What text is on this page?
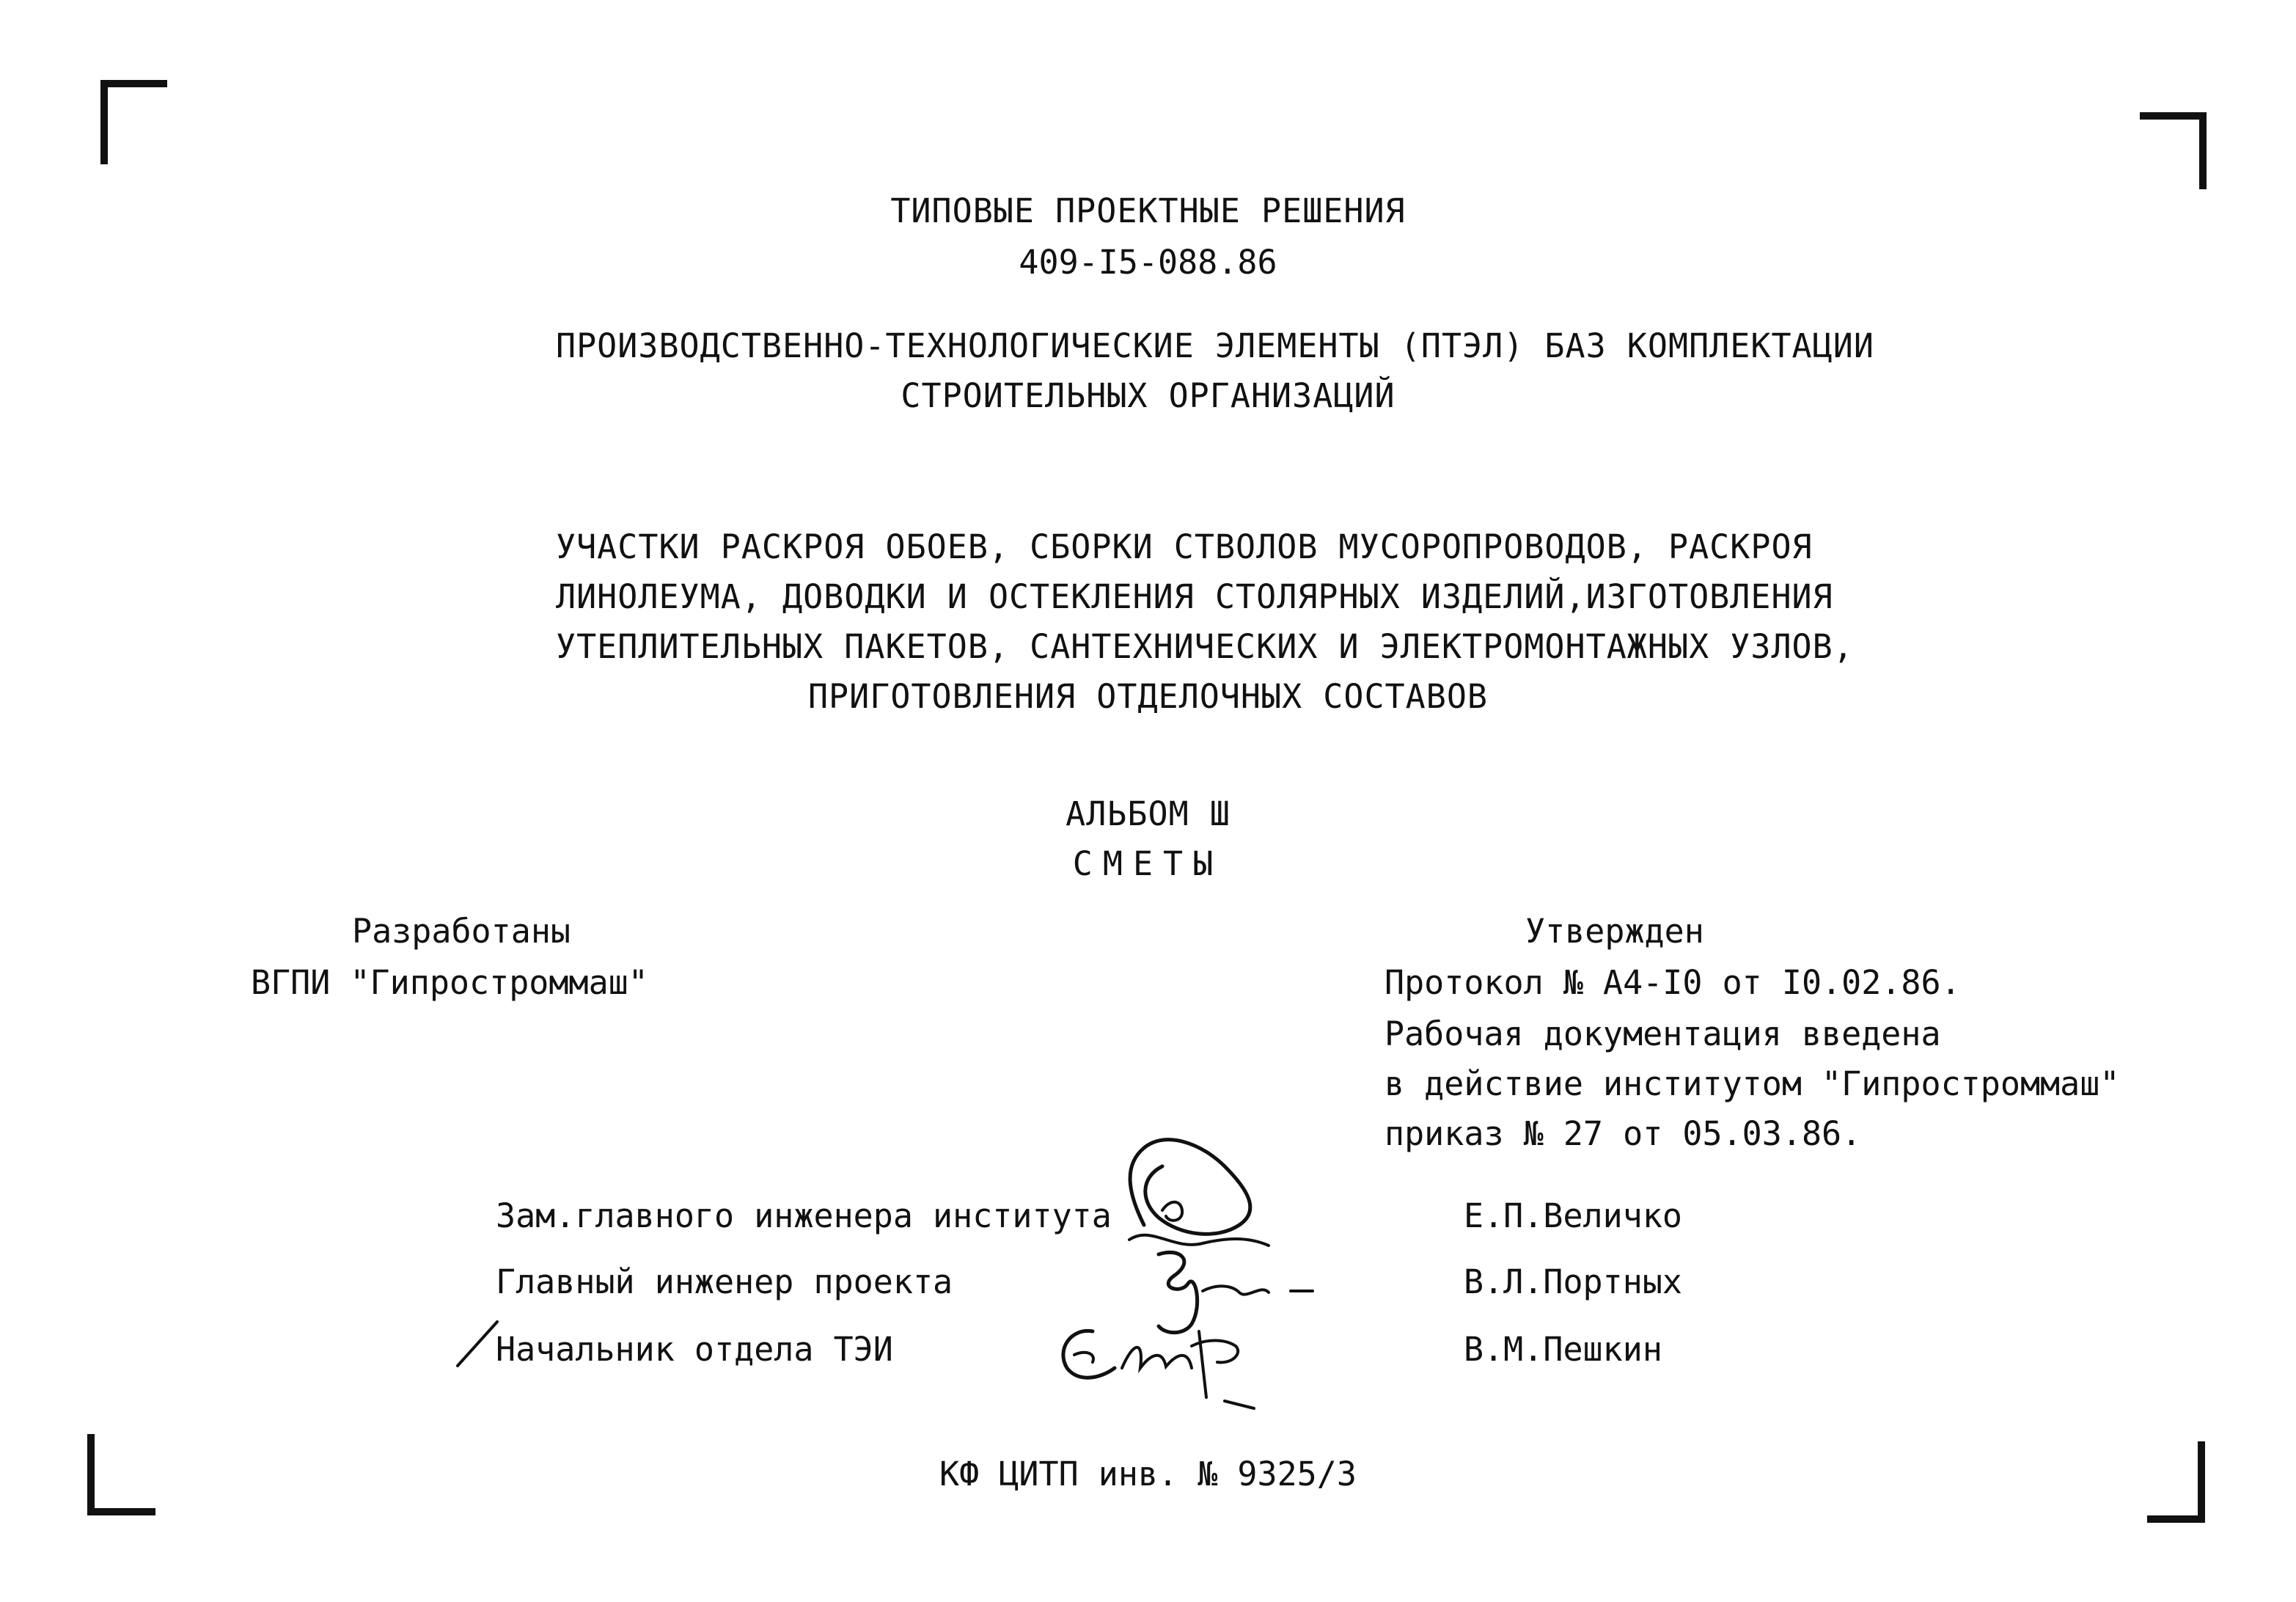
ТИПОВЫЕ ПРОЕКТНЫЕ РЕШЕНИЯ
409-I5-088.86
ПРОИЗВОДСТВЕННО-ТЕХНОЛОГИЧЕСКИЕ ЭЛЕМЕНТЫ (ПТЭЛ) БАЗ КОМПЛЕКТАЦИИ
СТРОИТЕЛЬНЫХ ОРГАНИЗАЦИЙ
УЧАСТКИ РАСКРОЯ ОБОЕВ, СБОРКИ СТВОЛОВ МУСОРОПРОВОДОВ, РАСКРОЯ
ЛИНОЛЕУМА, ДОВОДКИ И ОСТЕКЛЕНИЯ СТОЛЯРНЫХ ИЗДЕЛИЙ,ИЗГОТОВЛЕНИЯ
УТЕПЛИТЕЛЬНЫХ ПАКЕТОВ, САНТЕХНИЧЕСКИХ И ЭЛЕКТРОМОНТАЖНЫХ УЗЛОВ,
ПРИГОТОВЛЕНИЯ ОТДЕЛОЧНЫХ СОСТАВОВ
АЛЬБОМ Ш
СМЕТЫ
Разработаны
ВГПИ "Гипростроммаш"
Утвержден
Протокол № А4-I0 от I0.02.86.
Рабочая документация введена
в действие институтом "Гипростроммаш"
приказ № 27 от 05.03.86.
Зам.главного инженера института	Е.П.Величко
Главный инженер проекта	В.Л.Портных
Начальник отдела ТЭИ	В.М.Пешкин
КФ ЦИТП инв. № 9325/3
